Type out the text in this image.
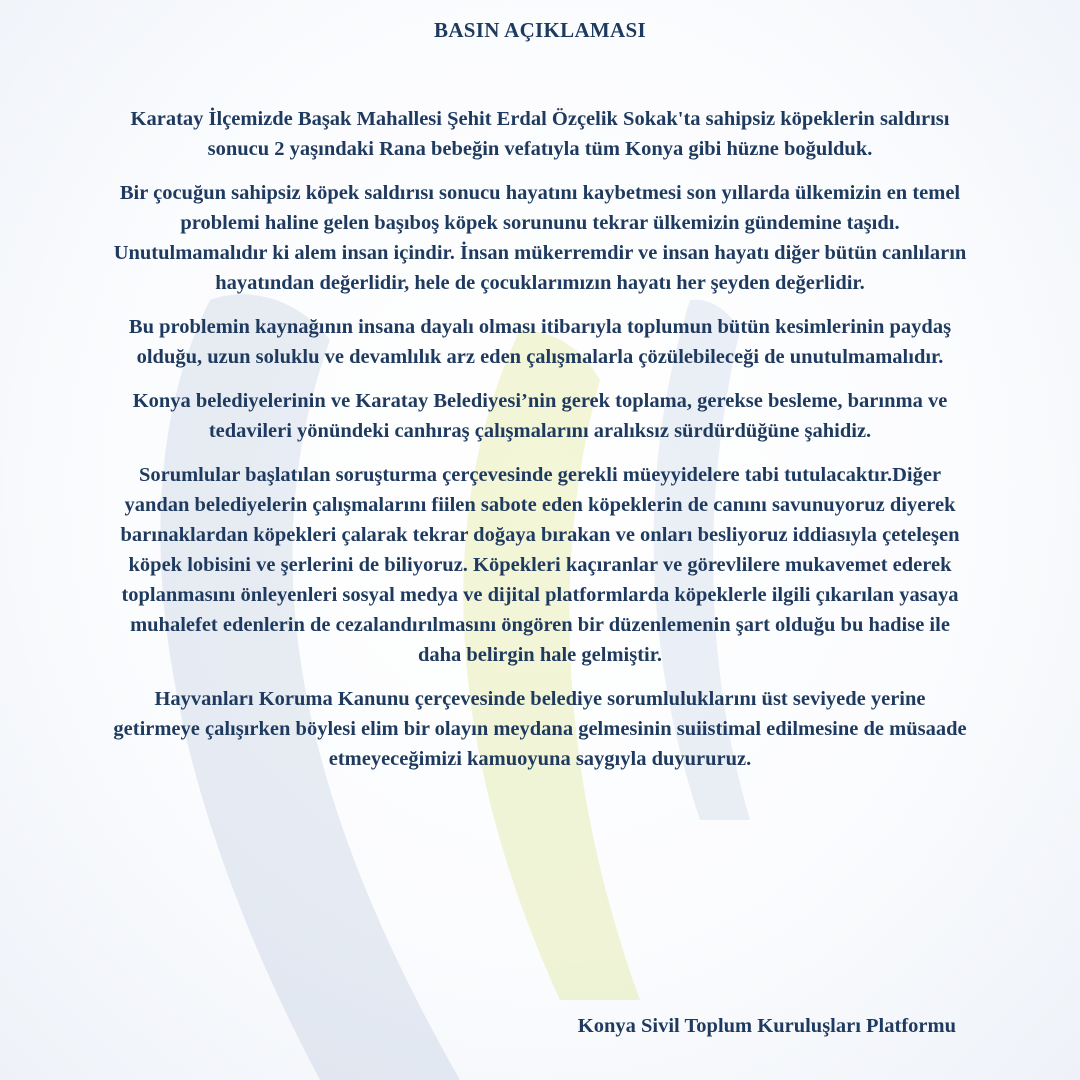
BASIN AÇIKLAMASI

Karatay İlçemizde Başak Mahallesi Şehit Erdal Özçelik Sokak'ta sahipsiz köpeklerin saldırısı sonucu 2 yaşındaki Rana bebeğin vefatıyla tüm Konya gibi hüzne boğulduk.

Bir çocuğun sahipsiz köpek saldırısı sonucu hayatını kaybetmesi son yıllarda ülkemizin en temel problemi haline gelen başıboş köpek sorununu tekrar ülkemizin gündemine taşıdı. Unutulmamalıdır ki alem insan içindir. İnsan mükerremdir ve insan hayatı diğer bütün canlıların hayatından değerlidir, hele de çocuklarımızın hayatı her şeyden değerlidir.

Bu problemin kaynağının insana dayalı olması itibarıyla toplumun bütün kesimlerinin paydaş olduğu, uzun soluklu ve devamlılık arz eden çalışmalarla çözülebileceği de unutulmamalıdır.

Konya belediyelerinin ve Karatay Belediyesi’nin gerek toplama, gerekse besleme, barınma ve tedavileri yönündeki canhıraş çalışmalarını aralıksız sürdürdüğüne şahidiz.

Sorumlular başlatılan soruşturma çerçevesinde gerekli müeyyidelere tabi tutulacaktır.Diğer yandan belediyelerin çalışmalarını fiilen sabote eden köpeklerin de canını savunuyoruz diyerek barınaklardan köpekleri çalarak tekrar doğaya bırakan ve onları besliyoruz iddiasıyla çeteleşen köpek lobisini ve şerlerini de biliyoruz. Köpekleri kaçıranlar ve görevlilere mukavemet ederek toplanmasını önleyenleri sosyal medya ve dijital platformlarda köpeklerle ilgili çıkarılan yasaya muhalefet edenlerin de cezalandırılmasını öngören bir düzenlemenin şart olduğu bu hadise ile daha belirgin hale gelmiştir.

Hayvanları Koruma Kanunu çerçevesinde belediye sorumluluklarını üst seviyede yerine getirmeye çalışırken böylesi elim bir olayın meydana gelmesinin suiistimal edilmesine de müsaade etmeyeceğimizi kamuoyuna saygıyla duyururuz.

Konya Sivil Toplum Kuruluşları Platformu
